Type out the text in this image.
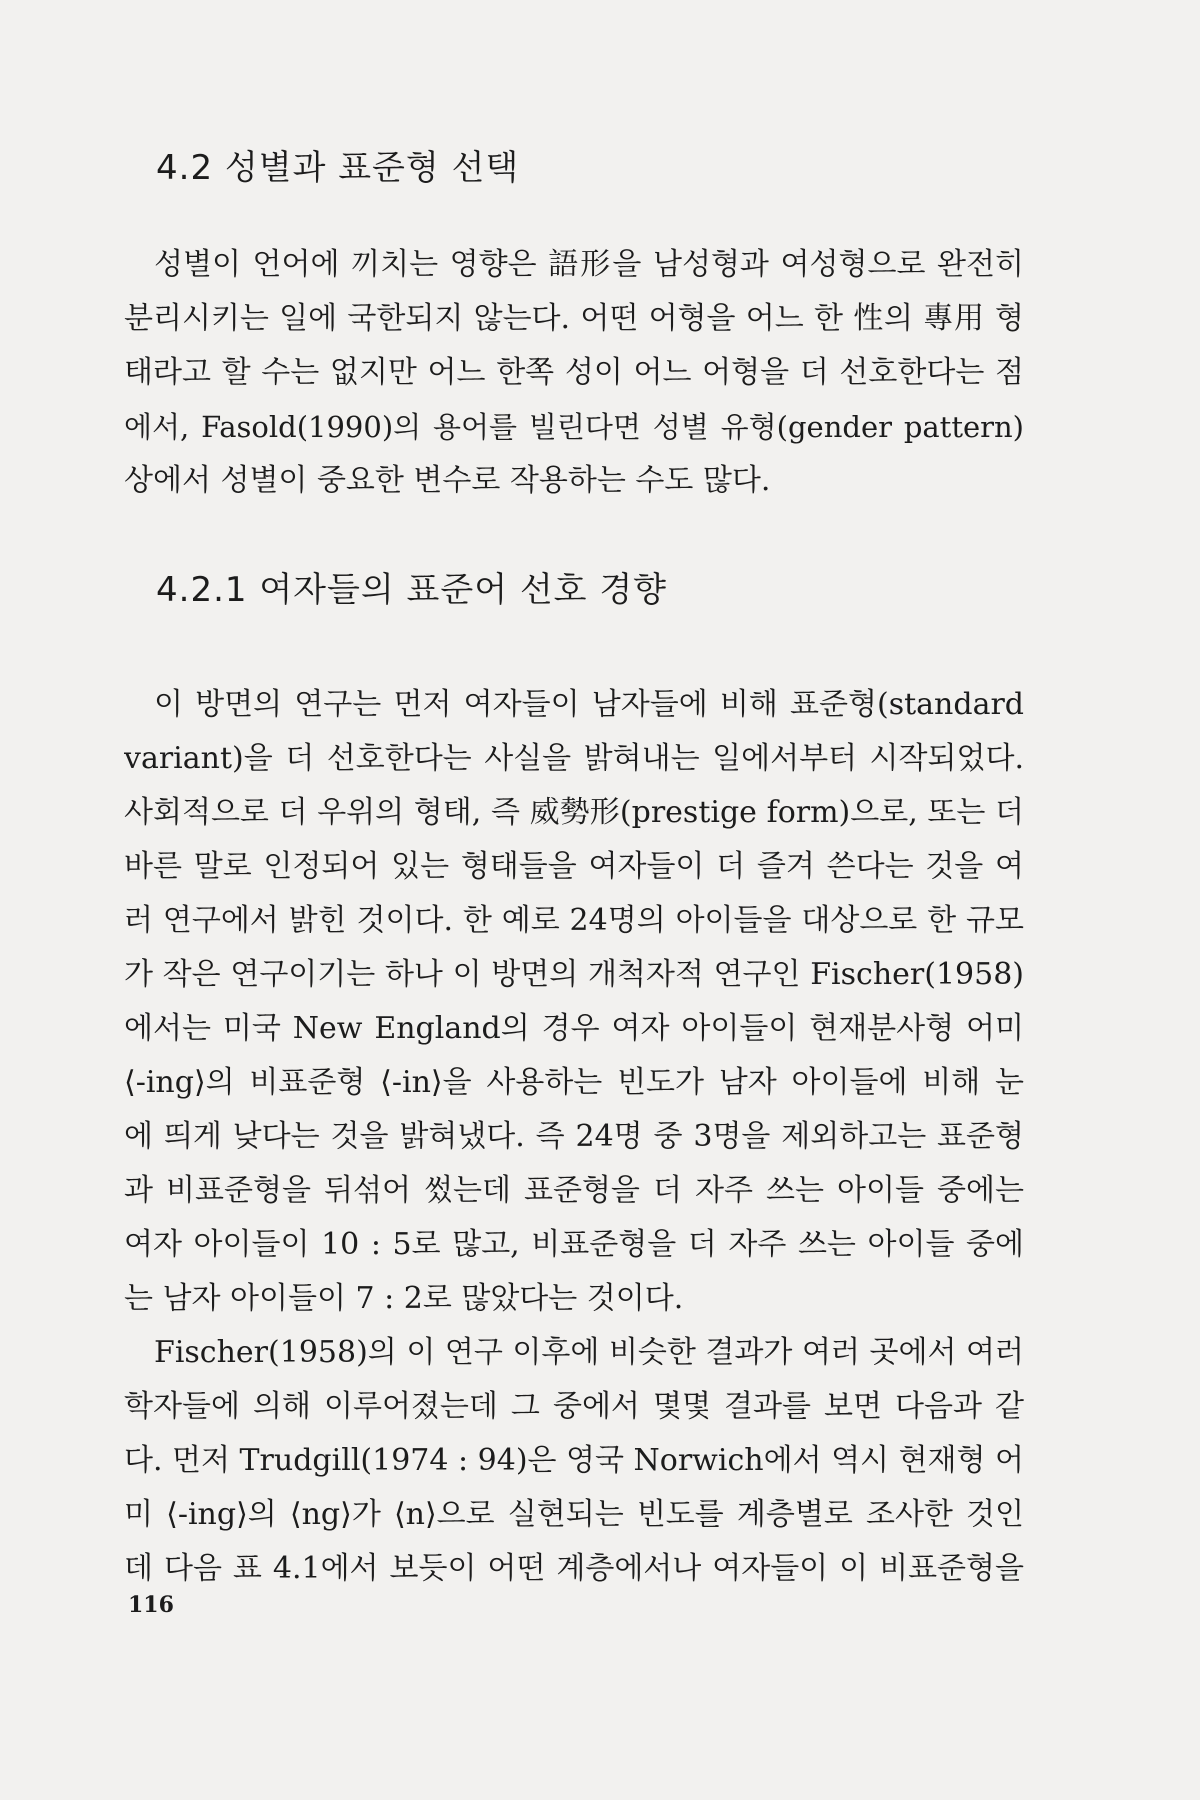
4.2 성별과 표준형 선택
성별이 언어에 끼치는 영향은 語形을 남성형과 여성형으로 완전히
분리시키는 일에 국한되지 않는다. 어떤 어형을 어느 한 性의 專用 형
태라고 할 수는 없지만 어느 한쪽 성이 어느 어형을 더 선호한다는 점
에서, Fasold(1990)의 용어를 빌린다면 성별 유형(gender pattern)
상에서 성별이 중요한 변수로 작용하는 수도 많다.
4.2.1 여자들의 표준어 선호 경향
이 방면의 연구는 먼저 여자들이 남자들에 비해 표준형(standard
variant)을 더 선호한다는 사실을 밝혀내는 일에서부터 시작되었다.
사회적으로 더 우위의 형태, 즉 威勢形(prestige form)으로, 또는 더
바른 말로 인정되어 있는 형태들을 여자들이 더 즐겨 쓴다는 것을 여
러 연구에서 밝힌 것이다. 한 예로 24명의 아이들을 대상으로 한 규모
가 작은 연구이기는 하나 이 방면의 개척자적 연구인 Fischer(1958)
에서는 미국 New England의 경우 여자 아이들이 현재분사형 어미
⟨-ing⟩의 비표준형 ⟨-in⟩을 사용하는 빈도가 남자 아이들에 비해 눈
에 띄게 낮다는 것을 밝혀냈다. 즉 24명 중 3명을 제외하고는 표준형
과 비표준형을 뒤섞어 썼는데 표준형을 더 자주 쓰는 아이들 중에는
여자 아이들이 10 : 5로 많고, 비표준형을 더 자주 쓰는 아이들 중에
는 남자 아이들이 7 : 2로 많았다는 것이다.
Fischer(1958)의 이 연구 이후에 비슷한 결과가 여러 곳에서 여러
학자들에 의해 이루어졌는데 그 중에서 몇몇 결과를 보면 다음과 같
다. 먼저 Trudgill(1974 : 94)은 영국 Norwich에서 역시 현재형 어
미 ⟨-ing⟩의 ⟨ng⟩가 ⟨n⟩으로 실현되는 빈도를 계층별로 조사한 것인
데 다음 표 4.1에서 보듯이 어떤 계층에서나 여자들이 이 비표준형을
116
